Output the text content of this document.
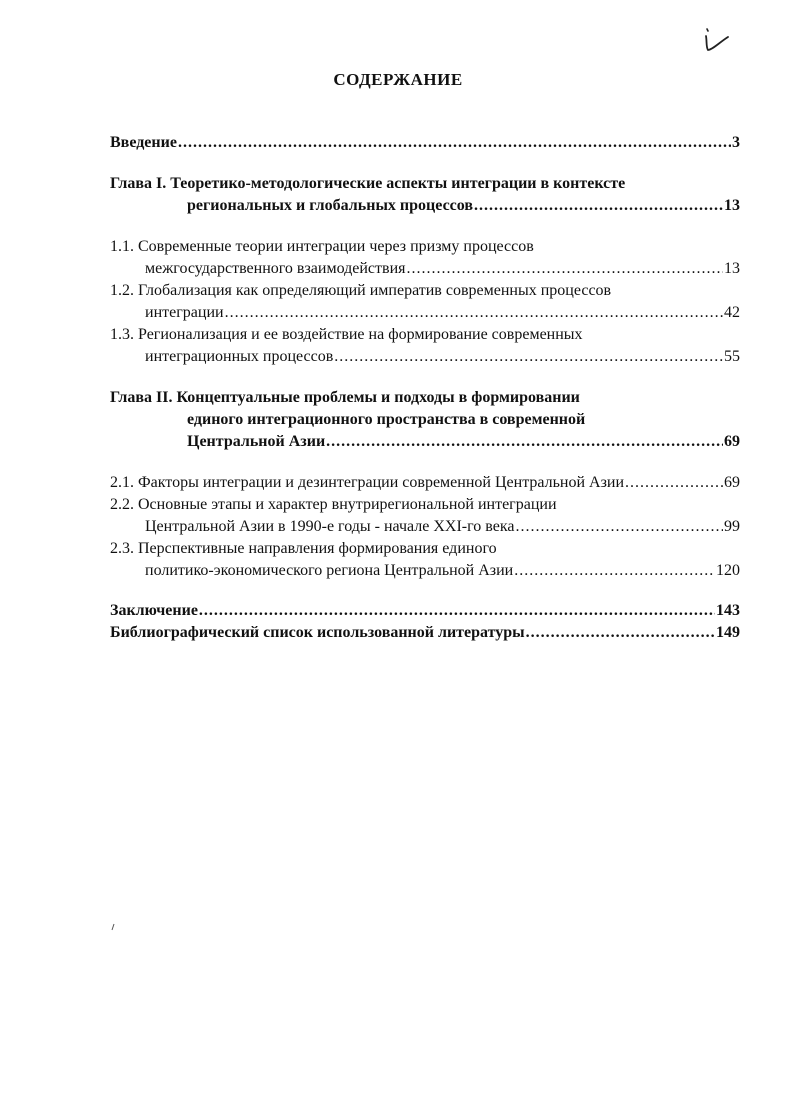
СОДЕРЖАНИЕ
Введение .....	3
Глава I. Теоретико-методологические аспекты интеграции в контексте
региональных и глобальных процессов .....	13
1.1. Современные теории интеграции через призму процессов
межгосударственного взаимодействия .....	13
1.2. Глобализация как определяющий императив современных процессов
интеграции .....	42
1.3. Регионализация и ее воздействие на формирование современных
интеграционных процессов .....	55
Глава II. Концептуальные проблемы и подходы в формировании
единого интеграционного пространства в современной
Центральной Азии .....	69
2.1. Факторы интеграции и дезинтеграции современной Центральной Азии .....	69
2.2. Основные этапы и характер внутрирегиональной интеграции
Центральной Азии в 1990-е годы - начале XXI-го века .....	99
2.3. Перспективные направления формирования единого
политико-экономического региона Центральной Азии .....	120
Заключение .....	143
Библиографический список использованной литературы .....	149
